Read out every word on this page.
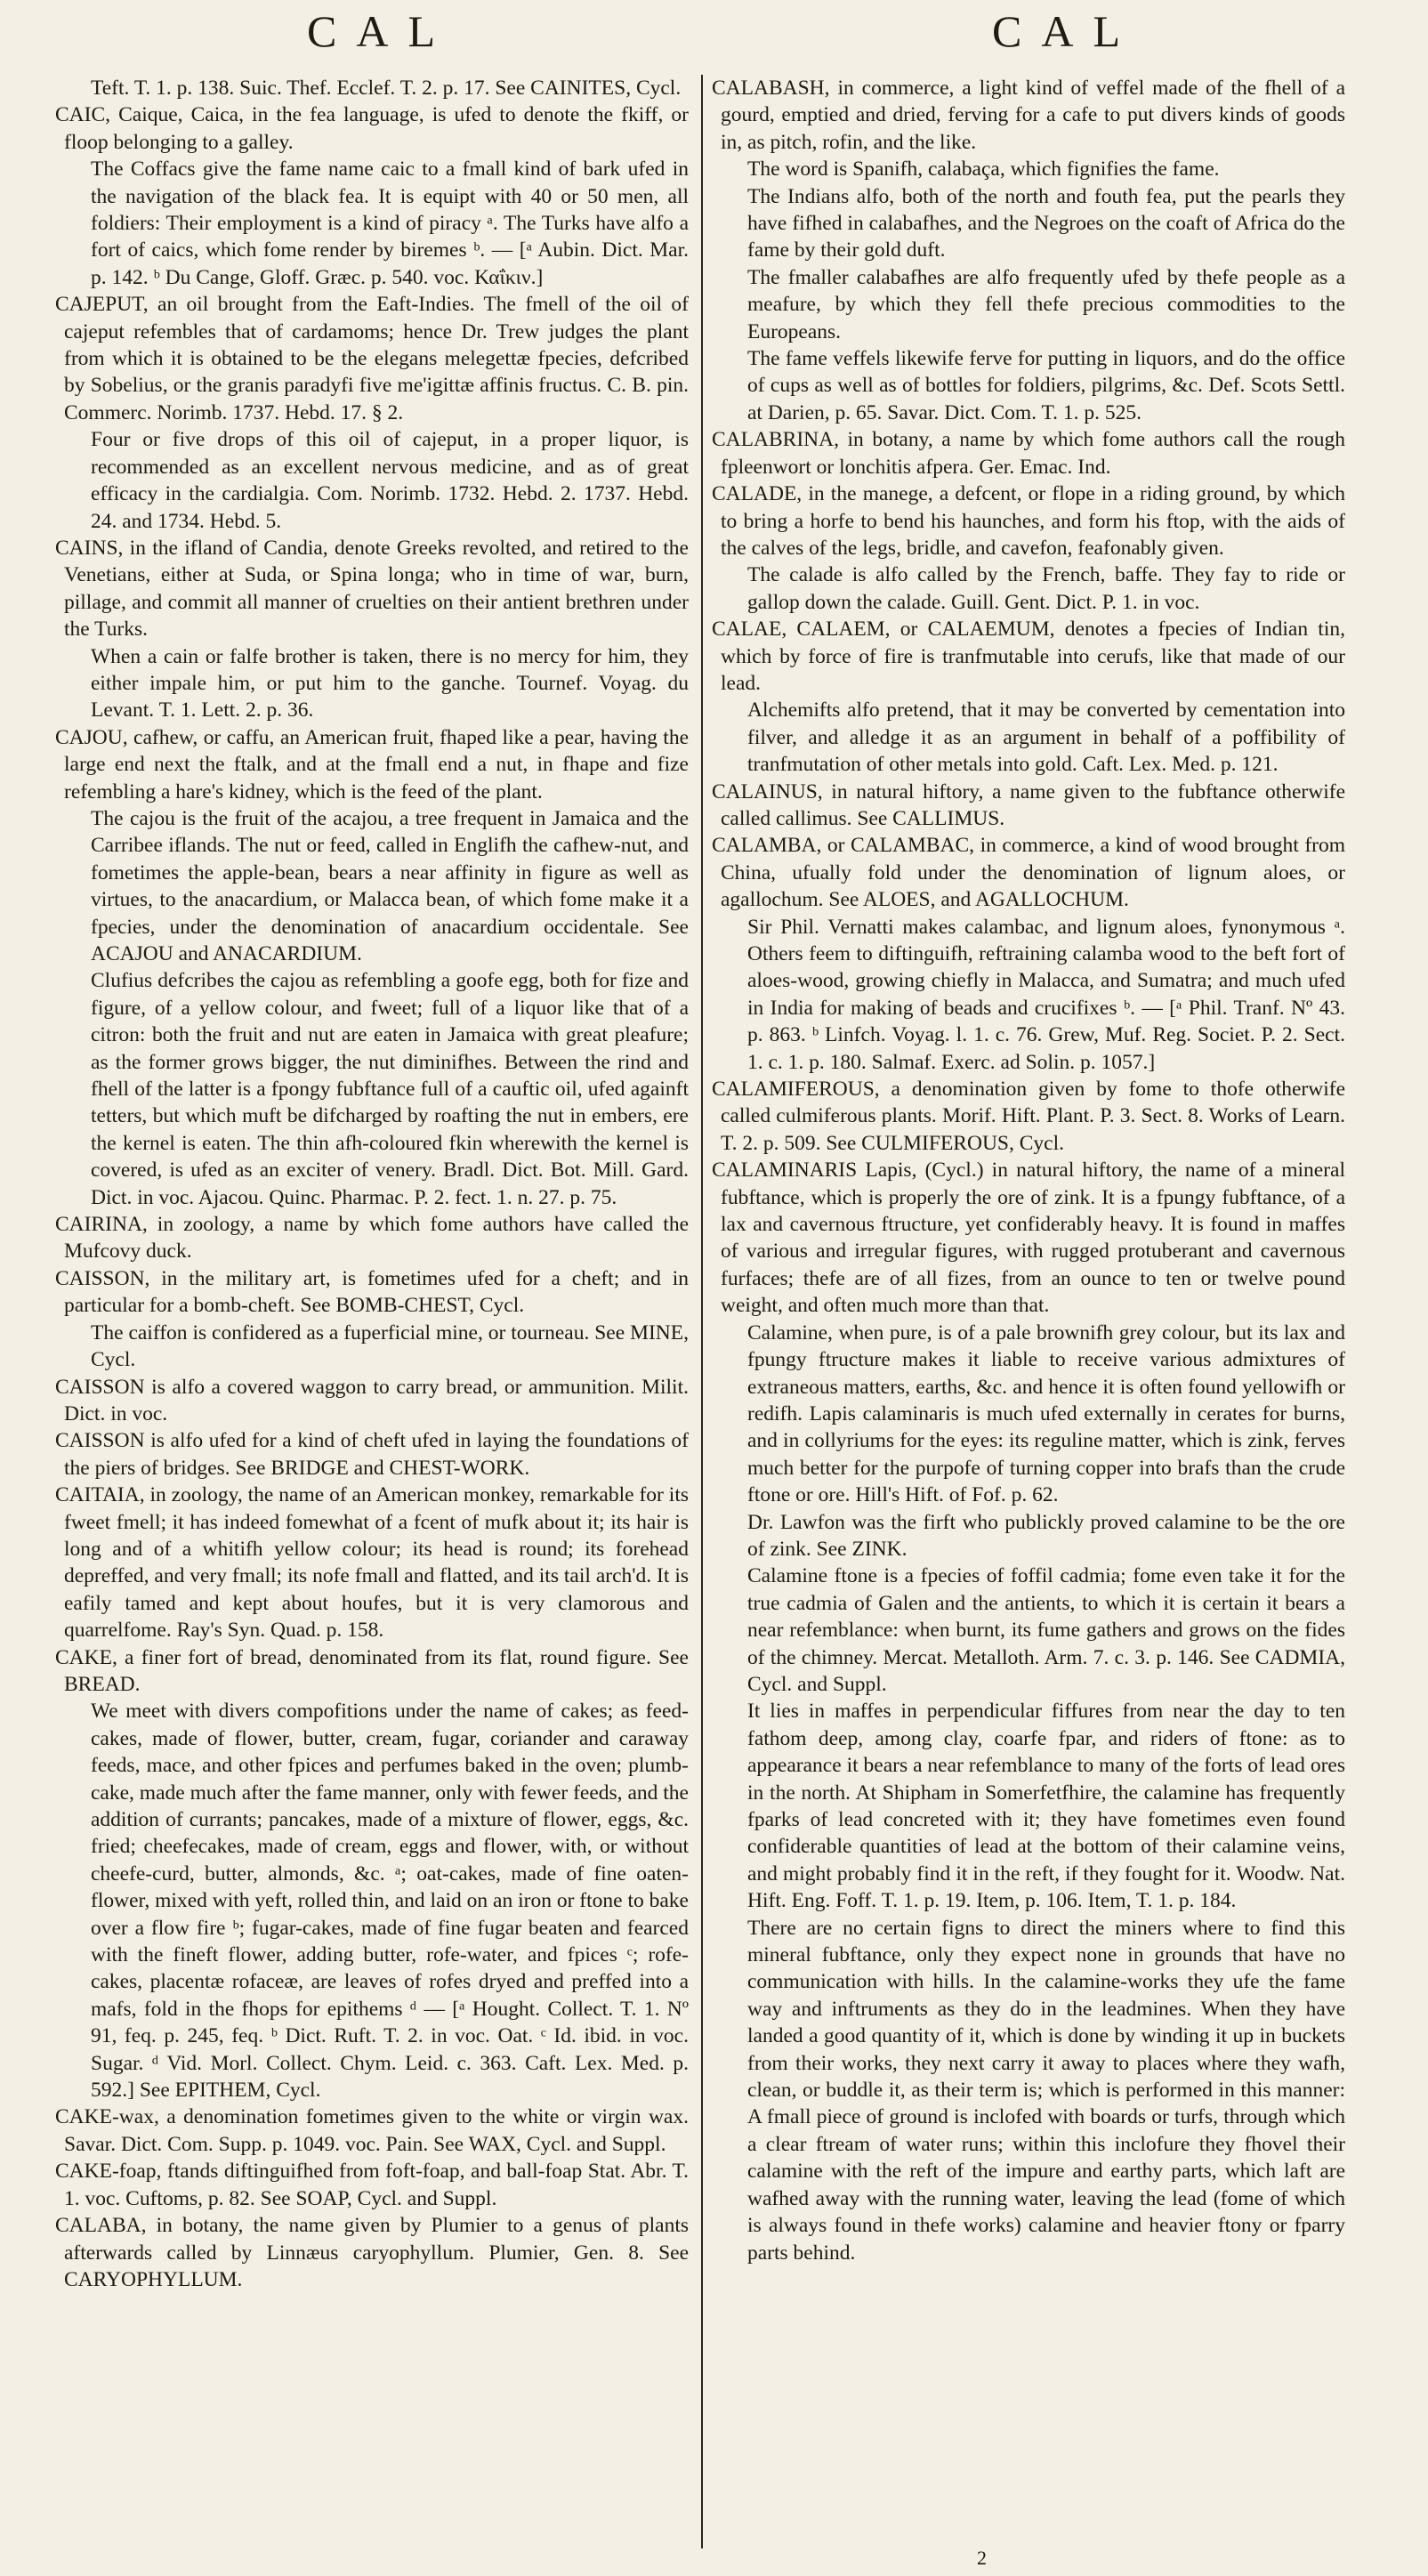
CAL	CAL

Teft. T. 1. p. 138. Suic. Thef. Ecclef. T. 2. p. 17. See CAINITES, Cycl.

CAIC, Caique, Caica, in the fea language, is ufed to denote the fkiff, or floop belonging to a galley.

The Coffacs give the fame name caic to a fmall kind of bark ufed in the navigation of the black fea. It is equipt with 40 or 50 men, all foldiers: Their employment is a kind of piracy ᵃ. The Turks have alfo a fort of caics, which fome render by biremes ᵇ. — [ᵃ Aubin. Dict. Mar. p. 142. ᵇ Du Cange, Gloff. Græc. p. 540. voc. Καΐκιν.]

CAJEPUT, an oil brought from the Eaft-Indies. The fmell of the oil of cajeput refembles that of cardamoms; hence Dr. Trew judges the plant from which it is obtained to be the elegans melegettæ fpecies, defcribed by Sobelius, or the granis paradyfi five me'igittæ affinis fructus. C. B. pin. Commerc. Norimb. 1737. Hebd. 17. § 2.

Four or five drops of this oil of cajeput, in a proper liquor, is recommended as an excellent nervous medicine, and as of great efficacy in the cardialgia. Com. Norimb. 1732. Hebd. 2. 1737. Hebd. 24. and 1734. Hebd. 5.

CAINS, in the ifland of Candia, denote Greeks revolted, and retired to the Venetians, either at Suda, or Spina longa; who in time of war, burn, pillage, and commit all manner of cruelties on their antient brethren under the Turks.

When a cain or falfe brother is taken, there is no mercy for him, they either impale him, or put him to the ganche. Tournef. Voyag. du Levant. T. 1. Lett. 2. p. 36.

CAJOU, cafhew, or caffu, an American fruit, fhaped like a pear, having the large end next the ftalk, and at the fmall end a nut, in fhape and fize refembling a hare's kidney, which is the feed of the plant.

The cajou is the fruit of the acajou, a tree frequent in Jamaica and the Carribee iflands. The nut or feed, called in Englifh the cafhew-nut, and fometimes the apple-bean, bears a near affinity in figure as well as virtues, to the anacardium, or Malacca bean, of which fome make it a fpecies, under the denomination of anacardium occidentale. See ACAJOU and ANACARDIUM.

Clufius defcribes the cajou as refembling a goofe egg, both for fize and figure, of a yellow colour, and fweet; full of a liquor like that of a citron: both the fruit and nut are eaten in Jamaica with great pleafure; as the former grows bigger, the nut diminifhes. Between the rind and fhell of the latter is a fpongy fubftance full of a cauftic oil, ufed againft tetters, but which muft be difcharged by roafting the nut in embers, ere the kernel is eaten. The thin afh-coloured fkin wherewith the kernel is covered, is ufed as an exciter of venery. Bradl. Dict. Bot. Mill. Gard. Dict. in voc. Ajacou. Quinc. Pharmac. P. 2. fect. 1. n. 27. p. 75.

CAIRINA, in zoology, a name by which fome authors have called the Mufcovy duck.

CAISSON, in the military art, is fometimes ufed for a cheft; and in particular for a bomb-cheft. See BOMB-CHEST, Cycl.

The caiffon is confidered as a fuperficial mine, or tourneau. See MINE, Cycl.

CAISSON is alfo a covered waggon to carry bread, or ammunition. Milit. Dict. in voc.

CAISSON is alfo ufed for a kind of cheft ufed in laying the foundations of the piers of bridges. See BRIDGE and CHEST-WORK.

CAITAIA, in zoology, the name of an American monkey, remarkable for its fweet fmell; it has indeed fomewhat of a fcent of mufk about it; its hair is long and of a whitifh yellow colour; its head is round; its forehead depreffed, and very fmall; its nofe fmall and flatted, and its tail arch'd. It is eafily tamed and kept about houfes, but it is very clamorous and quarrelfome. Ray's Syn. Quad. p. 158.

CAKE, a finer fort of bread, denominated from its flat, round figure. See BREAD.

We meet with divers compofitions under the name of cakes; as feed-cakes, made of flower, butter, cream, fugar, coriander and caraway feeds, mace, and other fpices and perfumes baked in the oven; plumb-cake, made much after the fame manner, only with fewer feeds, and the addition of currants; pancakes, made of a mixture of flower, eggs, &c. fried; cheefecakes, made of cream, eggs and flower, with, or without cheefe-curd, butter, almonds, &c. ᵃ; oat-cakes, made of fine oaten-flower, mixed with yeft, rolled thin, and laid on an iron or ftone to bake over a flow fire ᵇ; fugar-cakes, made of fine fugar beaten and fearced with the fineft flower, adding butter, rofe-water, and fpices ᶜ; rofe-cakes, placentæ rofaceæ, are leaves of rofes dryed and preffed into a mafs, fold in the fhops for epithems ᵈ — [ᵃ Hought. Collect. T. 1. Nº 91, feq. p. 245, feq. ᵇ Dict. Ruft. T. 2. in voc. Oat. ᶜ Id. ibid. in voc. Sugar. ᵈ Vid. Morl. Collect. Chym. Leid. c. 363. Caft. Lex. Med. p. 592.] See EPITHEM, Cycl.

CAKE-wax, a denomination fometimes given to the white or virgin wax. Savar. Dict. Com. Supp. p. 1049. voc. Pain. See WAX, Cycl. and Suppl.

CAKE-foap, ftands diftinguifhed from foft-foap, and ball-foap Stat. Abr. T. 1. voc. Cuftoms, p. 82. See SOAP, Cycl. and Suppl.

CALABA, in botany, the name given by Plumier to a genus of plants afterwards called by Linnæus caryophyllum. Plumier, Gen. 8. See CARYOPHYLLUM.

CALABASH, in commerce, a light kind of veffel made of the fhell of a gourd, emptied and dried, ferving for a cafe to put divers kinds of goods in, as pitch, rofin, and the like.

The word is Spanifh, calabaça, which fignifies the fame.

The Indians alfo, both of the north and fouth fea, put the pearls they have fifhed in calabafhes, and the Negroes on the coaft of Africa do the fame by their gold duft.

The fmaller calabafhes are alfo frequently ufed by thefe people as a meafure, by which they fell thefe precious commodities to the Europeans.

The fame veffels likewife ferve for putting in liquors, and do the office of cups as well as of bottles for foldiers, pilgrims, &c. Def. Scots Settl. at Darien, p. 65. Savar. Dict. Com. T. 1. p. 525.

CALABRINA, in botany, a name by which fome authors call the rough fpleenwort or lonchitis afpera. Ger. Emac. Ind.

CALADE, in the manege, a defcent, or flope in a riding ground, by which to bring a horfe to bend his haunches, and form his ftop, with the aids of the calves of the legs, bridle, and cavefon, feafonably given.

The calade is alfo called by the French, baffe. They fay to ride or gallop down the calade. Guill. Gent. Dict. P. 1. in voc.

CALAE, CALAEM, or CALAEMUM, denotes a fpecies of Indian tin, which by force of fire is tranfmutable into cerufs, like that made of our lead.

Alchemifts alfo pretend, that it may be converted by cementation into filver, and alledge it as an argument in behalf of a poffibility of tranfmutation of other metals into gold. Caft. Lex. Med. p. 121.

CALAINUS, in natural hiftory, a name given to the fubftance otherwife called callimus. See CALLIMUS.

CALAMBA, or CALAMBAC, in commerce, a kind of wood brought from China, ufually fold under the denomination of lignum aloes, or agallochum. See ALOES, and AGALLOCHUM.

Sir Phil. Vernatti makes calambac, and lignum aloes, fynonymous ᵃ. Others feem to diftinguifh, reftraining calamba wood to the beft fort of aloes-wood, growing chiefly in Malacca, and Sumatra; and much ufed in India for making of beads and crucifixes ᵇ. — [ᵃ Phil. Tranf. Nº 43. p. 863. ᵇ Linfch. Voyag. l. 1. c. 76. Grew, Muf. Reg. Societ. P. 2. Sect. 1. c. 1. p. 180. Salmaf. Exerc. ad Solin. p. 1057.]

CALAMIFEROUS, a denomination given by fome to thofe otherwife called culmiferous plants. Morif. Hift. Plant. P. 3. Sect. 8. Works of Learn. T. 2. p. 509. See CULMIFEROUS, Cycl.

CALAMINARIS Lapis, (Cycl.) in natural hiftory, the name of a mineral fubftance, which is properly the ore of zink. It is a fpungy fubftance, of a lax and cavernous ftructure, yet confiderably heavy. It is found in maffes of various and irregular figures, with rugged protuberant and cavernous furfaces; thefe are of all fizes, from an ounce to ten or twelve pound weight, and often much more than that.

Calamine, when pure, is of a pale brownifh grey colour, but its lax and fpungy ftructure makes it liable to receive various admixtures of extraneous matters, earths, &c. and hence it is often found yellowifh or redifh. Lapis calaminaris is much ufed externally in cerates for burns, and in collyriums for the eyes: its reguline matter, which is zink, ferves much better for the purpofe of turning copper into brafs than the crude ftone or ore. Hill's Hift. of Fof. p. 62.

Dr. Lawfon was the firft who publickly proved calamine to be the ore of zink. See ZINK.

Calamine ftone is a fpecies of foffil cadmia; fome even take it for the true cadmia of Galen and the antients, to which it is certain it bears a near refemblance: when burnt, its fume gathers and grows on the fides of the chimney. Mercat. Metalloth. Arm. 7. c. 3. p. 146. See CADMIA, Cycl. and Suppl.

It lies in maffes in perpendicular fiffures from near the day to ten fathom deep, among clay, coarfe fpar, and riders of ftone: as to appearance it bears a near refemblance to many of the forts of lead ores in the north. At Shipham in Somerfetfhire, the calamine has frequently fparks of lead concreted with it; they have fometimes even found confiderable quantities of lead at the bottom of their calamine veins, and might probably find it in the reft, if they fought for it. Woodw. Nat. Hift. Eng. Foff. T. 1. p. 19. Item, p. 106. Item, T. 1. p. 184.

There are no certain figns to direct the miners where to find this mineral fubftance, only they expect none in grounds that have no communication with hills. In the calamine-works they ufe the fame way and inftruments as they do in the leadmines. When they have landed a good quantity of it, which is done by winding it up in buckets from their works, they next carry it away to places where they wafh, clean, or buddle it, as their term is; which is performed in this manner: A fmall piece of ground is inclofed with boards or turfs, through which a clear ftream of water runs; within this inclofure they fhovel their calamine with the reft of the impure and earthy parts, which laft are wafhed away with the running water, leaving the lead (fome of which is always found in thefe works) calamine and heavier ftony or fparry parts behind.

2
